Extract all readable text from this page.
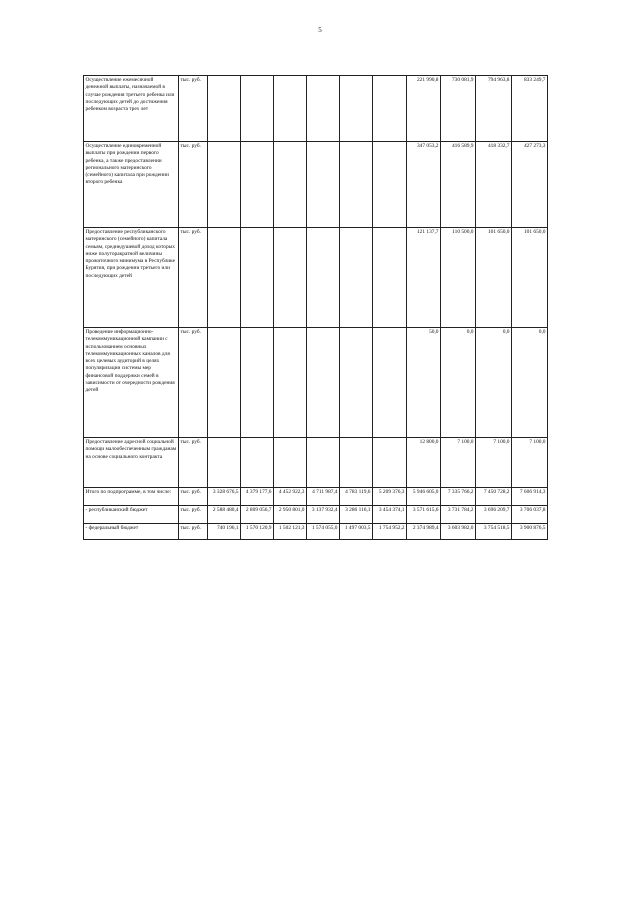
5
Осуществление ежемесячной денежной выплаты, назначаемой в случае рождения третьего ребенка или последующих детей до достижения ребенком возраста трех лет	тыс. руб.							221 990,8	730 081,9	794 963,8	833 249,7
Осуществление единовременной выплаты при рождении первого ребенка, а также предоставлении регионального материнского (семейного) капитала при рождении второго ребенка	тыс. руб.							347 053,2	416 589,9	418 332,7	427 273,3
Предоставление республиканского материнского (семейного) капитала семьям, среднедушевой доход которых ниже полуторакратной величины прожиточного минимума в Республике Бурятия, при рождении третьего или последующих детей	тыс. руб.							121 137,7	110 500,0	101 650,0	101 650,0
Проведение информационно-телекоммуникационной кампании с использованием основных телекоммуникационных каналов для всех целевых аудиторий в целях популяризации системы мер финансовой поддержки семей в зависимости от очередности рождения детей	тыс. руб.							50,0	0,0	0,0	0,0
Предоставление адресной социальной помощи малообеспеченным гражданам на основе социального контракта	тыс. руб.							12 800,0	7 100,0	7 100,0	7 100,0
Итого по подпрограмме, в том числе:	тыс. руб.	3 328 676,5	4 379 177,6	4 452 922,3	4 711 987,4	4 783 119,6	5 209 376,3	5 946 605,0	7 335 766,2	7 450 728,2	7 606 914,3
- республиканский бюджет	тыс. руб.	2 588 480,4	2 809 056,7	2 950 801,0	3 137 932,4	3 286 116,1	3 454 374,1	3 571 615,6	3 731 784,2	3 696 209,7	3 706 037,8
- федеральный бюджет	тыс. руб.	740 196,1	1 570 120,9	1 502 121,3	1 574 055,0	1 497 003,5	1 754 952,2	2 374 989,4	3 603 982,0	3 754 518,5	3 900 876,5
